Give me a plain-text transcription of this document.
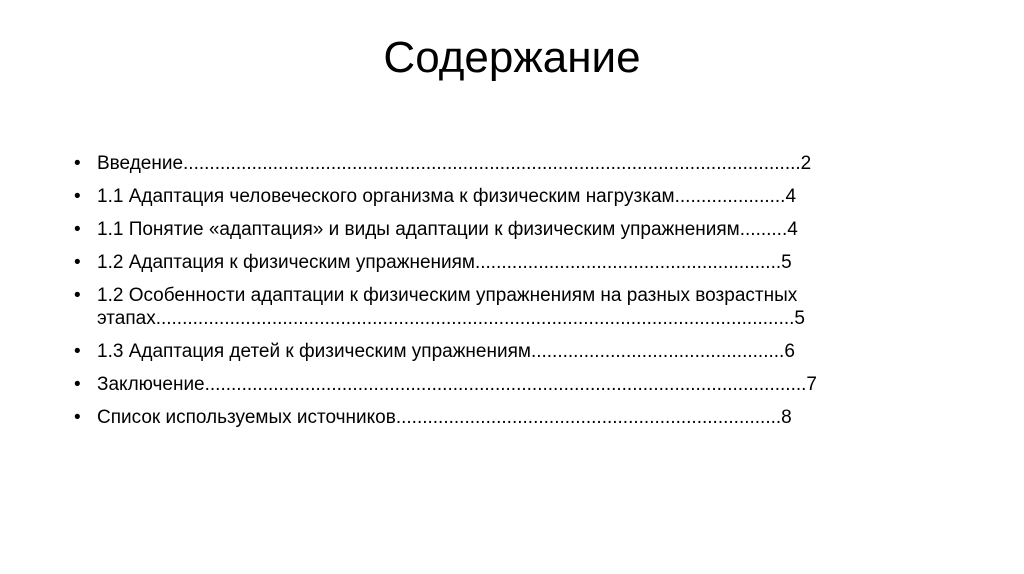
Содержание
• Введение.....................................................................................................................2
• 1.1 Адаптация человеческого организма к физическим нагрузкам.....................4
• 1.1 Понятие «адаптация» и виды адаптации к физическим упражнениям.........4
• 1.2 Адаптация к физическим упражнениям..........................................................5
• 1.2 Особенности адаптации к физическим упражнениям на разных возрастных этапах.........................................................................................................................5
• 1.3 Адаптация детей к физическим упражнениям................................................6
• Заключение..................................................................................................................7
• Список используемых источников.........................................................................8
